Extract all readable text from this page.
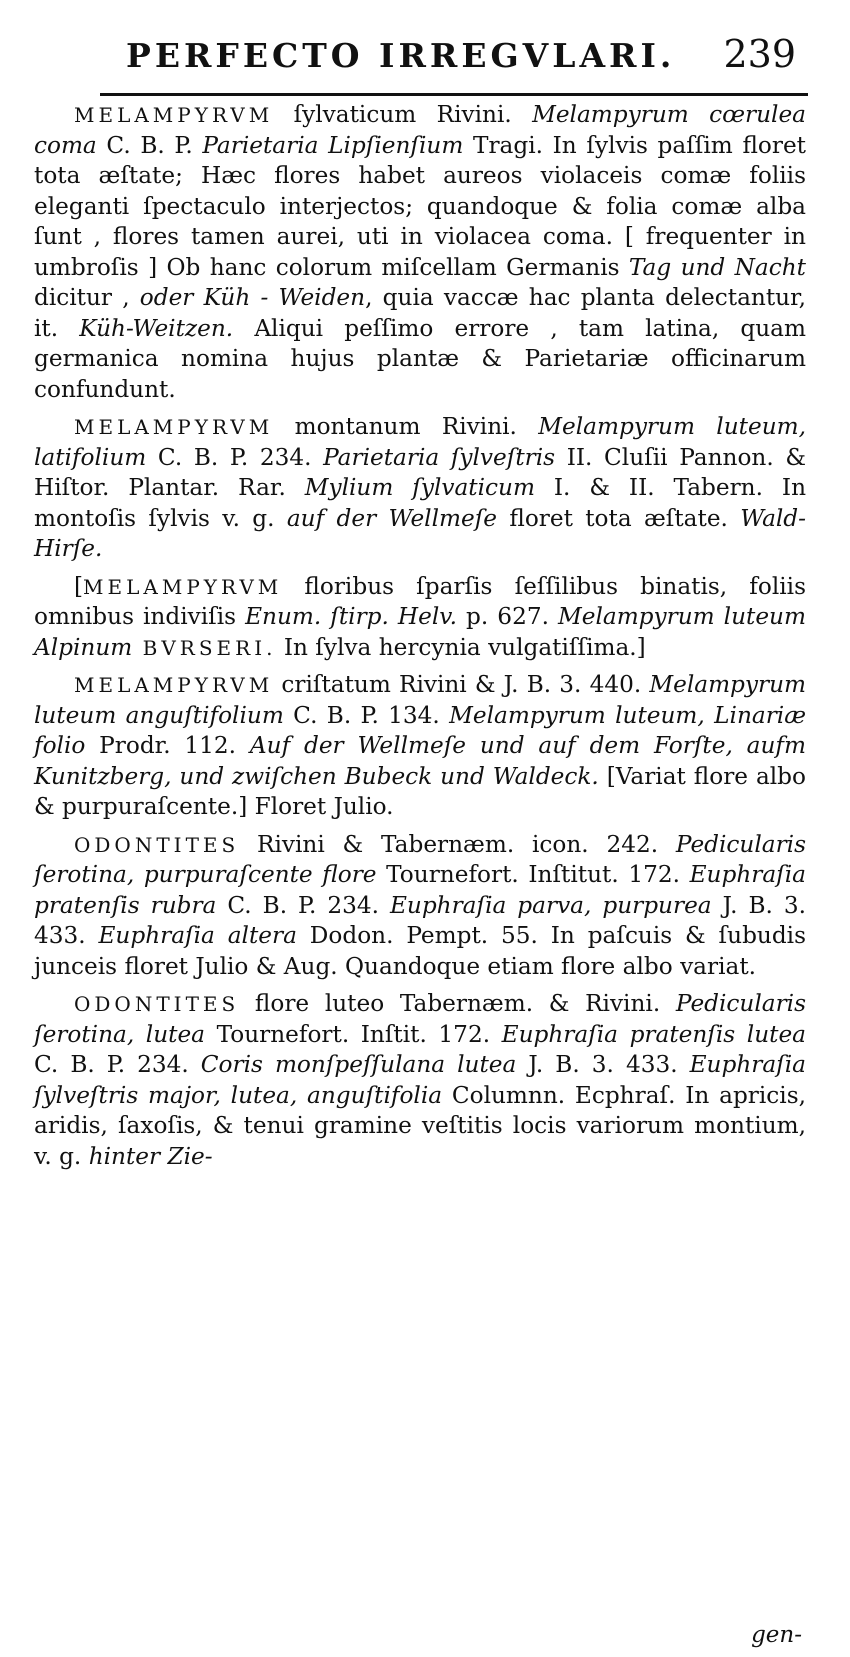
PERFECTO IRREGVLARI. 239

MELAMPYRVM ſylvaticum Rivini. Melampyrum cœrulea coma C. B. P. Parietaria Lipſienſium Tragi. In ſylvis paſſim floret tota æſtate; Hæc flores habet aureos violaceis comæ foliis eleganti ſpectaculo interjectos; quandoque & folia comæ alba ſunt , flores tamen aurei, uti in violacea coma. [ frequenter in umbroſis ] Ob hanc colorum miſcellam Germanis Tag und Nacht dicitur , oder Küh - Weiden, quia vaccæ hac planta delectantur, it. Küh-Weitzen. Aliqui peſſimo errore , tam latina, quam germanica nomina hujus plantæ & Parietariæ officinarum confundunt.

MELAMPYRVM montanum Rivini. Melampyrum luteum, latifolium C. B. P. 234. Parietaria ſylveſtris II. Cluſii Pannon. & Hiſtor. Plantar. Rar. Mylium ſylvaticum I. & II. Tabern. In montoſis ſylvis v. g. auf der Wellmeſe floret tota æſtate. Wald-Hirſe.

[MELAMPYRVM floribus ſparſis ſeſſilibus binatis, foliis omnibus indiviſis Enum. ſtirp. Helv. p. 627. Melampyrum luteum Alpinum BVRSERI. In ſylva hercynia vulgatiſſima.]

MELAMPYRVM criſtatum Rivini & J. B. 3. 440. Melampyrum luteum anguſtifolium C. B. P. 134. Melampyrum luteum, Linariæ folio Prodr. 112. Auf der Wellmeſe und auf dem Forſte, aufm Kunitzberg, und zwiſchen Bubeck und Waldeck. [Variat flore albo & purpuraſcente.] Floret Julio.

ODONTITES Rivini & Tabernæm. icon. 242. Pedicularis ſerotina, purpuraſcente flore Tournefort. Inſtitut. 172. Euphraſia pratenſis rubra C. B. P. 234. Euphraſia parva, purpurea J. B. 3. 433. Euphraſia altera Dodon. Pempt. 55. In paſcuis & ſubudis junceis floret Julio & Aug. Quandoque etiam flore albo variat.

ODONTITES flore luteo Tabernæm. & Rivini. Pedicularis ſerotina, lutea Tournefort. Inſtit. 172. Euphraſia pratenſis lutea C. B. P. 234. Coris monſpeſſulana lutea J. B. 3. 433. Euphraſia ſylveſtris major, lutea, anguſtifolia Columnn. Ecphraſ. In apricis, aridis, ſaxoſis, & tenui gramine veſtitis locis variorum montium, v. g. hinter Zie-

gen-
